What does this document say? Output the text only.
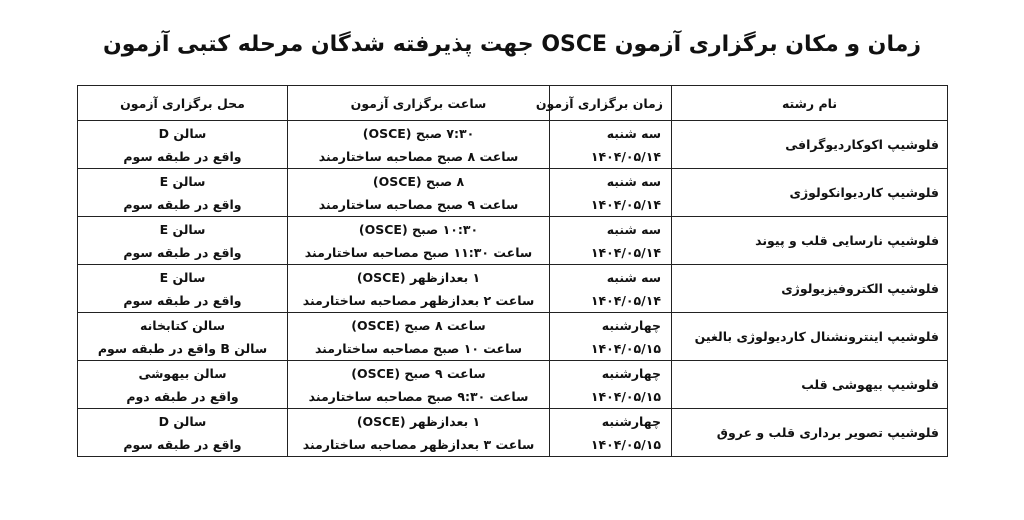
زمان و مکان برگزاری آزمون OSCE جهت پذیرفته شدگان مرحله کتبی آزمون
نام رشته	زمان برگزاری آزمون	ساعت برگزاری آزمون	محل برگزاری آزمون
فلوشیپ اکوکاردیوگرافی	سه شنبه
۱۴۰۴/۰۵/۱۴	۷:۳۰ صبح (OSCE)
ساعت ۸ صبح مصاحبه ساختارمند	سالن D
واقع در طبقه سوم

فلوشیپ کاردیوانکولوژی	سه شنبه
۱۴۰۴/۰۵/۱۴	۸ صبح (OSCE)
ساعت ۹ صبح مصاحبه ساختارمند	سالن E
واقع در طبقه سوم

فلوشیپ نارسایی قلب و پیوند	سه شنبه
۱۴۰۴/۰۵/۱۴	۱۰:۳۰ صبح (OSCE)
ساعت ۱۱:۳۰ صبح مصاحبه ساختارمند	سالن E
واقع در طبقه سوم

فلوشیپ الکتروفیزیولوژی	سه شنبه
۱۴۰۴/۰۵/۱۴	۱ بعدازظهر (OSCE)
ساعت ۲ بعدازظهر مصاحبه ساختارمند	سالن E
واقع در طبقه سوم

فلوشیپ اینترونشنال کاردیولوژی بالغین	چهارشنبه
۱۴۰۴/۰۵/۱۵	ساعت ۸ صبح (OSCE)
ساعت ۱۰ صبح مصاحبه ساختارمند	سالن کتابخانه
سالن B واقع در طبقه سوم

فلوشیپ بیهوشی قلب	چهارشنبه
۱۴۰۴/۰۵/۱۵	ساعت ۹ صبح (OSCE)
ساعت ۹:۳۰ صبح مصاحبه ساختارمند	سالن بیهوشی
واقع در طبقه دوم

فلوشیپ تصویر برداری قلب و عروق	چهارشنبه
۱۴۰۴/۰۵/۱۵	۱ بعدازظهر (OSCE)
ساعت ۳ بعدازظهر مصاحبه ساختارمند	سالن D
واقع در طبقه سوم
